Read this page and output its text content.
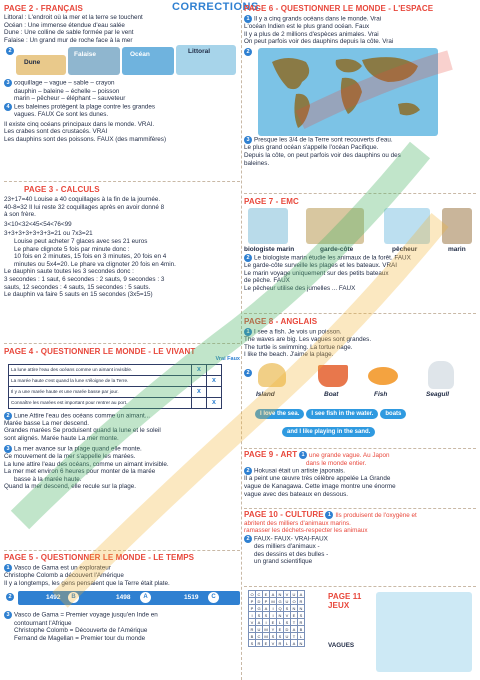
CORRECTIONS
PAGE 2 - FRANÇAIS
Littoral : L'endroit où la mer et la terre se touchent
Océan : Une immense étendue d'eau salée
Dune : Une colline de sable formée par le vent
Falaise : Un grand mur de roche face à la mer
2
Dune
Falaise	Océan	Littoral
3 coquillage – vague – sable – crayon
dauphin – baleine – échelle – poisson
marin – pêcheur – éléphant – sauveteur
4 Les baleines protègent la plage contre les grandes
vagues. FAUX Ce sont les dunes.
Il existe cinq océans principaux dans le monde. VRAI.
Les crabes sont des crustacés. VRAI
Les dauphins sont des poissons. FAUX (des mammifères)
PAGE 3 - CALCULS
23+17=40 Louise a 40 coquillages à la fin de la journée.
40-8=32 Il lui reste 32 coquillages après en avoir donné 8
à son frère.
3<10<32<45<54<76<99
3+3+3+3+3+3+3=21 ou 7x3=21
Louise peut acheter 7 glaces avec ses 21 euros
Le phare clignote 5 fois par minute donc :
10 fois en 2 minutes, 15 fois en 3 minutes, 20 fois en 4
minutes ou 5x4=20. Le phare va clignoter 20 fois en 4min.
Le dauphin saute toutes les 3 secondes donc :
3 secondes : 1 saut, 6 secondes : 2 sauts, 9 secondes : 3
sauts, 12 secondes : 4 sauts, 15 secondes : 5 sauts.
Le dauphin va faire 5 sauts en 15 secondes (3x5=15)
PAGE 4 - QUESTIONNER LE MONDE - LE VIVANT
Vrai Faux
La lune attire l'eau des océans comme un aimant invisible.	x	
La marée haute c'est quand la lune s'éloigne de la Terre.		x
Il y a une marée haute et une marée basse par jour.	x	
Connaître les marées est important pour rentrer au port.		x
2 Lune Attire l'eau des océans comme un aimant...
Marée basse La mer descend.
Grandes marées Se produisent quand la lune et le soleil
sont alignés. Marée haute La mer monte.
3 La mer avance sur la plage quand elle monte.
Ce mouvement de la mer s'appelle les marées.
La lune attire l'eau des océans, comme un aimant invisible.
La mer met environ 6 heures pour monter de la marée
basse à la marée haute.
Quand la mer descend, elle recule sur la plage.
PAGE 5 - QUESTIONNER LE MONDE - LE TEMPS
1 Vasco de Gama est un explorateur
Christophe Colomb a découvert l'Amérique
Il y a longtemps, les gens pensaient que la Terre était plate.
2	1492	B	1498	A	1519	C
3 Vasco de Gama = Premier voyage jusqu'en Inde en
contournant l'Afrique
Christophe Colomb = Découverte de l'Amérique
Fernand de Magellan = Premier tour du monde
PAGE 6 - QUESTIONNER LE MONDE - L'ESPACE
1 Il y a cinq grands océans dans le monde. Vrai
L'océan Indien est le plus grand océan. Faux
Il y a plus de 2 millions d'espèces animales. Vrai
On peut parfois voir des dauphins depuis la côte. Vrai
2
3 Presque les 3/4 de la Terre sont recouverts d'eau.
Le plus grand océan s'appelle l'océan Pacifique.
Depuis la côte, on peut parfois voir des dauphins ou des
baleines.
PAGE 7 - EMC
biologiste marin	garde-côte	pêcheur	marin
2 Le biologiste marin étudie les animaux de la forêt. FAUX
Le garde-côte surveille les plages et les bateaux. VRAI
Le marin voyage uniquement sur des petits bateaux
de pêche. FAUX
Le pêcheur utilise des jumelles ... FAUX
PAGE 8 - ANGLAIS
1 I see a fish. Je vois un poisson.
The waves are big. Les vagues sont grandes.
The turtle is swimming. La tortue nage.
I like the beach. J'aime la plage.
2
Island	Boat	Fish	Seagull
I love the sea. I see fish in the water. boats and I like playing in the sand.
PAGE 9 - ART 1 une grande vague. Au Japon
dans le monde entier.
2 Hokusai était un artiste japonais.
Il a peint une œuvre très célèbre appelée La Grande
vague de Kanagawa. Cette image montre une énorme
vague avec des bateaux en dessous.
PAGE 10 - CULTURE 1 Ils produisent de l'oxygène et
abritent des milliers d'animaux marins.
ramasser les déchets-respecter les animaux
2 FAUX- FAUX- VRAI-FAUX
des milliers d'animaux -
des dessins et des bulles -
un grand scientifique
O	C	E	A	N	V	U	A
P	D	P	M	G	U	O	R
P	G	A	I	Q	S	N	N
I	S	S	I	N	V	E	S
V	A	I	E	L	S	T	R
R	U	M	Y	E	D	A	B
B	C	M	S	S	U	T	L
S	R	E	V	R	L	A	N
PAGE 11 JEUX
VAGUES
